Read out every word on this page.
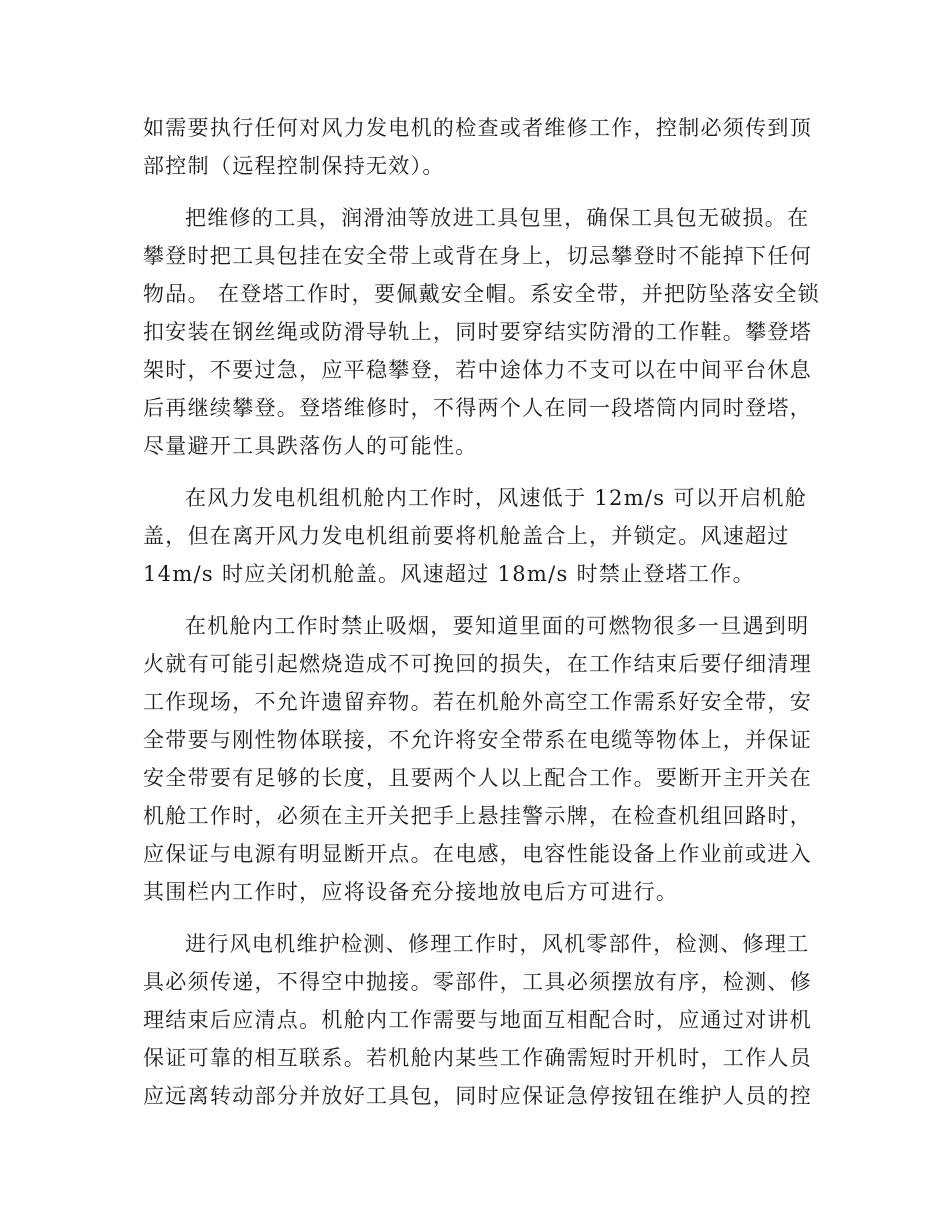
如需要执行任何对风力发电机的检查或者维修工作，控制必须传到顶
部控制（远程控制保持无效）。
把维修的工具，润滑油等放进工具包里，确保工具包无破损。在
攀登时把工具包挂在安全带上或背在身上，切忌攀登时不能掉下任何
物品。 在登塔工作时，要佩戴安全帽。系安全带，并把防坠落安全锁
扣安装在钢丝绳或防滑导轨上，同时要穿结实防滑的工作鞋。攀登塔
架时，不要过急，应平稳攀登，若中途体力不支可以在中间平台休息
后再继续攀登。登塔维修时，不得两个人在同一段塔筒内同时登塔，
尽量避开工具跌落伤人的可能性。
在风力发电机组机舱内工作时，风速低于 12m/s 可以开启机舱
盖，但在离开风力发电机组前要将机舱盖合上，并锁定。风速超过
14m/s 时应关闭机舱盖。风速超过 18m/s 时禁止登塔工作。
在机舱内工作时禁止吸烟，要知道里面的可燃物很多一旦遇到明
火就有可能引起燃烧造成不可挽回的损失，在工作结束后要仔细清理
工作现场，不允许遗留弃物。若在机舱外高空工作需系好安全带，安
全带要与刚性物体联接，不允许将安全带系在电缆等物体上，并保证
安全带要有足够的长度，且要两个人以上配合工作。要断开主开关在
机舱工作时，必须在主开关把手上悬挂警示牌，在检查机组回路时，
应保证与电源有明显断开点。在电感，电容性能设备上作业前或进入
其围栏内工作时，应将设备充分接地放电后方可进行。
进行风电机维护检测、修理工作时，风机零部件，检测、修理工
具必须传递，不得空中抛接。零部件，工具必须摆放有序，检测、修
理结束后应清点。机舱内工作需要与地面互相配合时，应通过对讲机
保证可靠的相互联系。若机舱内某些工作确需短时开机时，工作人员
应远离转动部分并放好工具包，同时应保证急停按钮在维护人员的控
